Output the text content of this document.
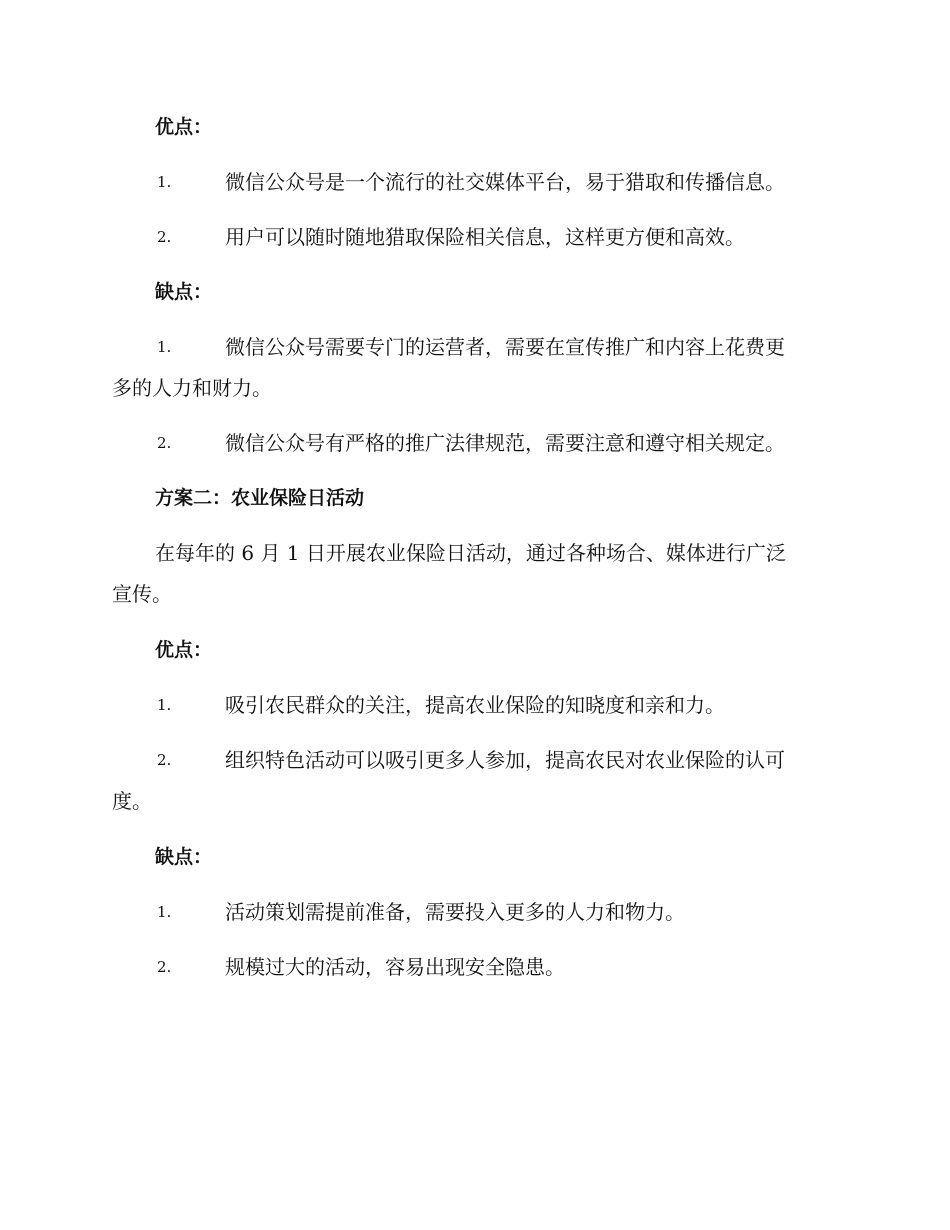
优点：
1.	微信公众号是一个流行的社交媒体平台，易于猎取和传播信息。
2.	用户可以随时随地猎取保险相关信息，这样更方便和高效。
缺点：
1.	微信公众号需要专门的运营者，需要在宣传推广和内容上花费更
多的人力和财力。
2.	微信公众号有严格的推广法律规范，需要注意和遵守相关规定。
方案二：农业保险日活动
在每年的 6 月 1 日开展农业保险日活动，通过各种场合、媒体进行广泛
宣传。
优点：
1.	吸引农民群众的关注，提高农业保险的知晓度和亲和力。
2.	组织特色活动可以吸引更多人参加，提高农民对农业保险的认可
度。
缺点：
1.	活动策划需提前准备，需要投入更多的人力和物力。
2.	规模过大的活动，容易出现安全隐患。
